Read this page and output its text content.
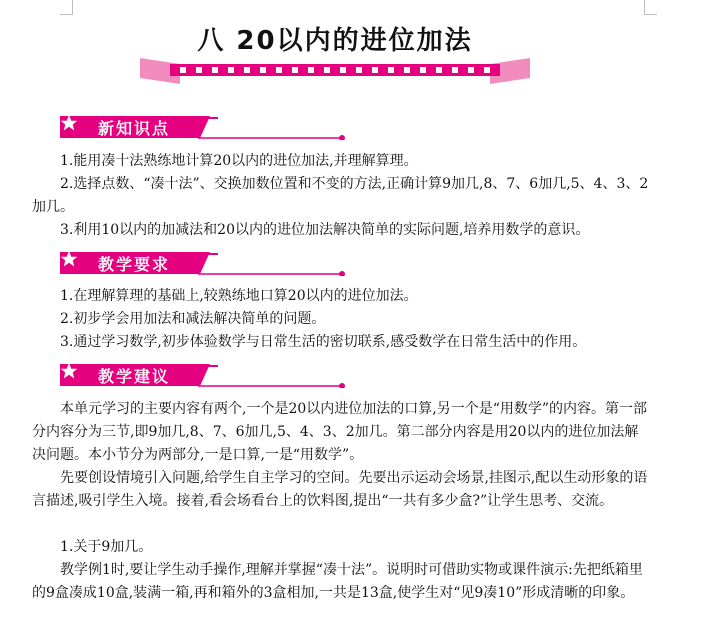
八 20以内的进位加法
新知识点

1.能用凑十法熟练地计算20以内的进位加法,并理解算理。

2.选择点数、“凑十法”、交换加数位置和不变的方法,正确计算9加几,8、7、6加几,5、4、3、2加几。

3.利用10以内的加减法和20以内的进位加法解决简单的实际问题,培养用数学的意识。

教学要求

1.在理解算理的基础上,较熟练地口算20以内的进位加法。

2.初步学会用加法和减法解决简单的问题。

3.通过学习数学,初步体验数学与日常生活的密切联系,感受数学在日常生活中的作用。

教学建议

本单元学习的主要内容有两个,一个是20以内进位加法的口算,另一个是“用数学”的内容。第一部分内容分为三节,即9加几,8、7、6加几,5、4、3、2加几。第二部分内容是用20以内的进位加法解决问题。本小节分为两部分,一是口算,一是“用数学”。

先要创设情境引入问题,给学生自主学习的空间。先要出示运动会场景,挂图示,配以生动形象的语言描述,吸引学生入境。接着,看会场看台上的饮料图,提出“一共有多少盒?”让学生思考、交流。

1.关于9加几。

教学例1时,要让学生动手操作,理解并掌握“凑十法”。说明时可借助实物或课件演示:先把纸箱里的9盒凑成10盒,装满一箱,再和箱外的3盒相加,一共是13盒,使学生对“见9凑10”形成清晰的印象。
